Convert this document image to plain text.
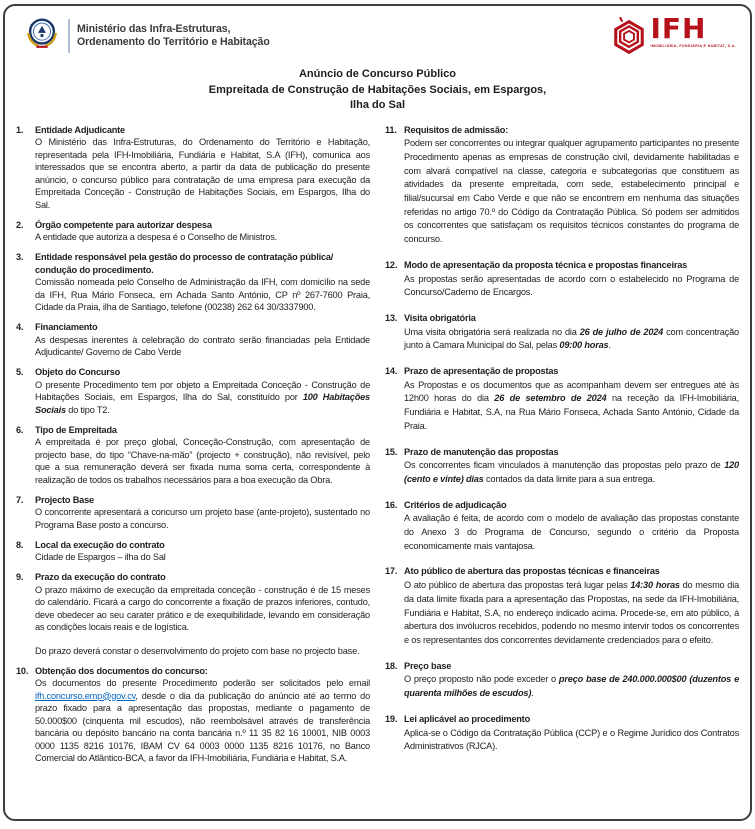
Ministério das Infra-Estruturas,
Ordenamento do Território e Habitação	IFH
IMOBILIÁRIA, FUNDIÁRIA E HABITAT, S.A.
Anúncio de Concurso Público
Empreitada de Construção de Habitações Sociais, em Espargos,
Ilha do Sal
1.	Entidade Adjudicante

O Ministério das Infra-Estruturas, do Ordenamento do Território e Habitação, representada pela IFH-Imobiliária, Fundiária e Habitat, S.A (IFH), comunica aos interessados que se encontra aberto, a partir da data de publicação do presente anúncio, o concurso público para contratação de uma empresa para execução da Empreitada Conceção - Construção de Habitações Sociais, em Espargos, Ilha do Sal.

2.	Órgão competente para autorizar despesa

A entidade que autoriza a despesa é o Conselho de Ministros.

3.	Entidade responsável pela gestão do processo de contratação pública/ condução do procedimento.

Comissão nomeada pelo Conselho de Administração da IFH, com domicílio na sede da IFH, Rua Mário Fonseca, em Achada Santo António, CP nº 267-7600 Praia, Cidade da Praia, ilha de Santiago, telefone (00238) 262 64 30/3337900.

4.	Financiamento

As despesas inerentes à celebração do contrato serão financiadas pela Entidade Adjudicante/ Governo de Cabo Verde

5.	Objeto do Concurso

O presente Procedimento tem por objeto a Empreitada Conceção - Construção de Habitações Sociais, em Espargos, Ilha do Sal, constituído por 100 Habitações Sociais do tipo T2.

6.	Tipo de Empreitada

A empreitada é por preço global, Conceção-Construção, com apresentação de projecto base, do tipo “Chave-na-mão” (projecto + construção), não revisível, pelo que a sua remuneração deverá ser fixada numa soma certa, correspondente à realização de todos os trabalhos necessários para a boa execução da Obra.

7.	Projecto Base

O concorrente apresentará a concurso um projeto base (ante-projeto), sustentado no Programa Base posto a concurso.

8.	Local da execução do contrato

Cidade de Espargos – ilha do Sal

9.	Prazo da execução do contrato

O prazo máximo de execução da empreitada conceção - construção é de 15 meses do calendário. Ficará a cargo do concorrente a fixação de prazos inferiores, contudo, deve obedecer ao seu carater prático e de exequibilidade, levando em consideração as condições locais reais e de logística.

Do prazo deverá constar o desenvolvimento do projeto com base no projecto base.

10. Obtenção dos documentos do concurso:

Os documentos do presente Procedimento poderão ser solicitados pelo email ifh.concurso.emp@gov.cv, desde o dia da publicação do anúncio até ao termo do prazo fixado para a apresentação das propostas, mediante o pagamento de 50.000$00 (cinquenta mil escudos), não reembolsável através de transferência bancária ou depósito bancário na conta bancária n.º 11 35 82 16 10001, NIB 0003 0000 1135 8216 10176, IBAM CV 64 0003 0000 1135 8216 10176, no Banco Comercial do Atlântico-BCA, a favor da IFH-Imobiliária, Fundiária e Habitat, S.A.

11. Requisitos de admissão:

Podem ser concorrentes ou integrar qualquer agrupamento participantes no presente Procedimento apenas as empresas de construção civil, devidamente habilitadas e com alvará compatível na classe, categoria e subcategorias que constituem as atividades da presente empreitada, com sede, estabelecimento principal e filial/sucursal em Cabo Verde e que não se encontrem em nenhuma das situações referidas no artigo 70.º do Código da Contratação Pública. Só podem ser admitidos os concorrentes que satisfaçam os requisitos técnicos constantes do programa de concurso.

12. Modo de apresentação da proposta técnica e propostas financeiras

As propostas serão apresentadas de acordo com o estabelecido no Programa de Concurso/Caderno de Encargos.

13. Visita obrigatória

Uma visita obrigatória será realizada no dia 26 de julho de 2024 com concentração junto à Camara Municipal do Sal, pelas 09:00 horas.

14. Prazo de apresentação de propostas

As Propostas e os documentos que as acompanham devem ser entregues até às 12h00 horas do dia 26 de setembro de 2024 na receção da IFH-Imobiliária, Fundiária e Habitat, S.A, na Rua Mário Fonseca, Achada Santo António, Cidade da Praia.

15. Prazo de manutenção das propostas

Os concorrentes ficam vinculados à manutenção das propostas pelo prazo de 120 (cento e vinte) dias contados da data limite para a sua entrega.

16. Critérios de adjudicação

A avaliação é feita, de acordo com o modelo de avaliação das propostas constante do Anexo 3 do Programa de Concurso, segundo o critério da Proposta economicamente mais vantajosa.

17. Ato público de abertura das propostas técnicas e financeiras

O ato público de abertura das propostas terá lugar pelas 14:30 horas do mesmo dia da data limite fixada para a apresentação das Propostas, na sede da IFH-Imobiliária, Fundiária e Habitat, S.A, no endereço indicado acima. Procede-se, em ato público, à abertura dos invólucros recebidos, podendo no mesmo intervir todos os concorrentes e os representantes dos concorrentes devidamente credenciados para o efeito.

18. Preço base

O preço proposto não pode exceder o preço base de 240.000.000$00 (duzentos e quarenta milhões de escudos).

19. Lei aplicável ao procedimento

Aplica-se o Código da Contratação Pública (CCP) e o Regime Jurídico dos Contratos Administrativos (RJCA).
